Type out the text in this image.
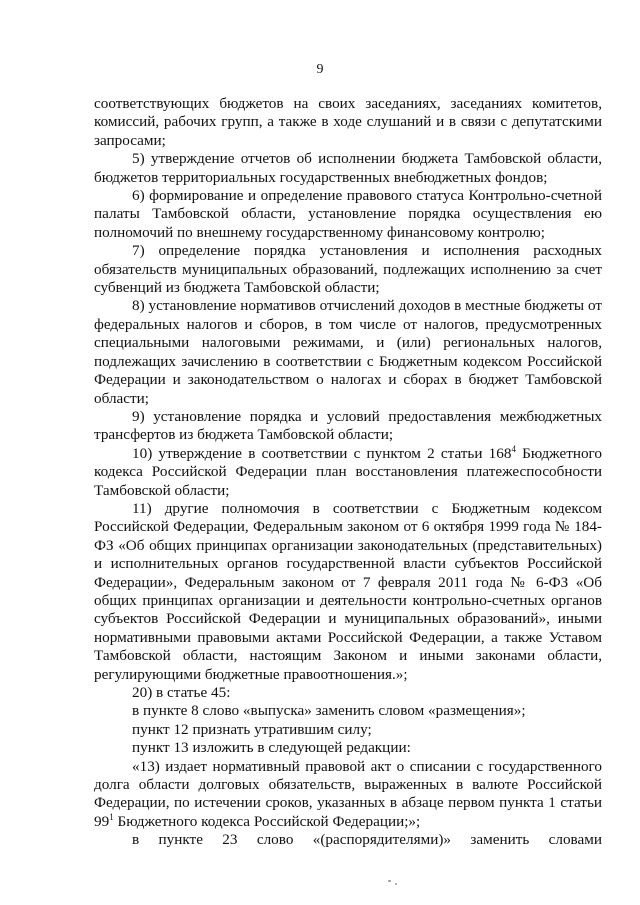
9

соответствующих бюджетов на своих заседаниях, заседаниях комитетов, комиссий, рабочих групп, а также в ходе слушаний и в связи с депутатскими запросами;

5) утверждение отчетов об исполнении бюджета Тамбовской области, бюджетов территориальных государственных внебюджетных фондов;

6) формирование и определение правового статуса Контрольно-счетной палаты Тамбовской области, установление порядка осуществления ею полномочий по внешнему государственному финансовому контролю;

7) определение порядка установления и исполнения расходных обязательств муниципальных образований, подлежащих исполнению за счет субвенций из бюджета Тамбовской области;

8) установление нормативов отчислений доходов в местные бюджеты от федеральных налогов и сборов, в том числе от налогов, предусмотренных специальными налоговыми режимами, и (или) региональных налогов, подлежащих зачислению в соответствии с Бюджетным кодексом Российской Федерации и законодательством о налогах и сборах в бюджет Тамбовской области;

9) установление порядка и условий предоставления межбюджетных трансфертов из бюджета Тамбовской области;

10) утверждение в соответствии с пунктом 2 статьи $168^4$ Бюджетного кодекса Российской Федерации план восстановления платежеспособности Тамбовской области;

11) другие полномочия в соответствии с Бюджетным кодексом Российской Федерации, Федеральным законом от 6 октября 1999 года № 184-ФЗ «Об общих принципах организации законодательных (представительных) и исполнительных органов государственной власти субъектов Российской Федерации», Федеральным законом от 7 февраля 2011 года № 6-ФЗ «Об общих принципах организации и деятельности контрольно-счетных органов субъектов Российской Федерации и муниципальных образований», иными нормативными правовыми актами Российской Федерации, а также Уставом Тамбовской области, настоящим Законом и иными законами области, регулирующими бюджетные правоотношения.»;

20) в статье 45:

в пункте 8 слово «выпуска» заменить словом «размещения»;

пункт 12 признать утратившим силу;

пункт 13 изложить в следующей редакции:

«13) издает нормативный правовой акт о списании с государственного долга области долговых обязательств, выраженных в валюте Российской Федерации, по истечении сроков, указанных в абзаце первом пункта 1 статьи $99^1$ Бюджетного кодекса Российской Федерации;»;

в пункте 23 слово «(распорядителями)» заменить словами
